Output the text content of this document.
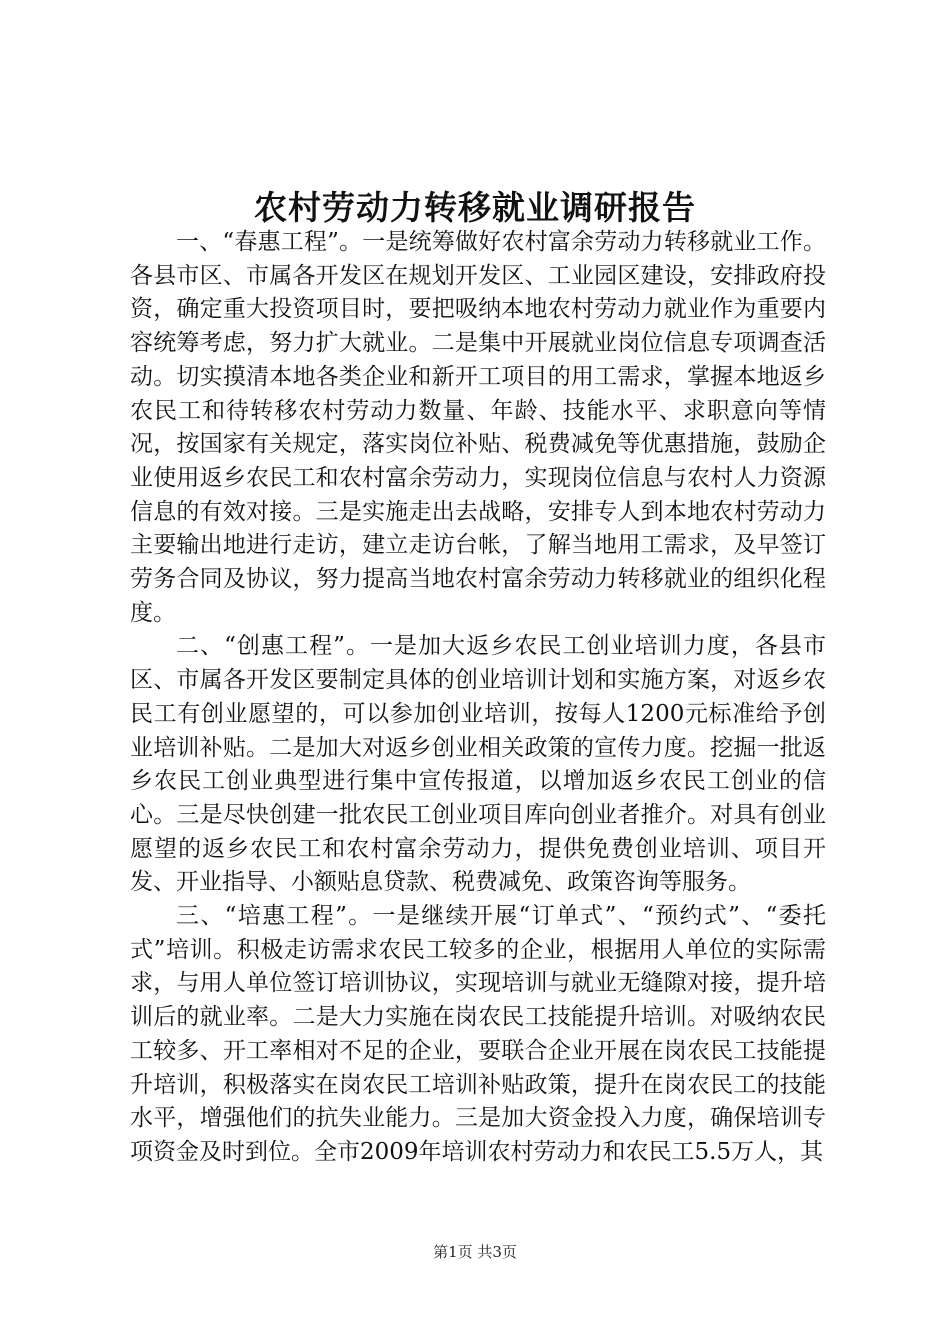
农村劳动力转移就业调研报告

一、“春惠工程”。一是统筹做好农村富余劳动力转移就业工作。各县市区、市属各开发区在规划开发区、工业园区建设，安排政府投资，确定重大投资项目时，要把吸纳本地农村劳动力就业作为重要内容统筹考虑，努力扩大就业。二是集中开展就业岗位信息专项调查活动。切实摸清本地各类企业和新开工项目的用工需求，掌握本地返乡农民工和待转移农村劳动力数量、年龄、技能水平、求职意向等情况，按国家有关规定，落实岗位补贴、税费减免等优惠措施，鼓励企业使用返乡农民工和农村富余劳动力，实现岗位信息与农村人力资源信息的有效对接。三是实施走出去战略，安排专人到本地农村劳动力主要输出地进行走访，建立走访台帐，了解当地用工需求，及早签订劳务合同及协议，努力提高当地农村富余劳动力转移就业的组织化程度。

二、“创惠工程”。一是加大返乡农民工创业培训力度，各县市区、市属各开发区要制定具体的创业培训计划和实施方案，对返乡农民工有创业愿望的，可以参加创业培训，按每人1200元标准给予创业培训补贴。二是加大对返乡创业相关政策的宣传力度。挖掘一批返乡农民工创业典型进行集中宣传报道，以增加返乡农民工创业的信心。三是尽快创建一批农民工创业项目库向创业者推介。对具有创业愿望的返乡农民工和农村富余劳动力，提供免费创业培训、项目开发、开业指导、小额贴息贷款、税费减免、政策咨询等服务。

三、“培惠工程”。一是继续开展“订单式”、“预约式”、“委托式”培训。积极走访需求农民工较多的企业，根据用人单位的实际需求，与用人单位签订培训协议，实现培训与就业无缝隙对接，提升培训后的就业率。二是大力实施在岗农民工技能提升培训。对吸纳农民工较多、开工率相对不足的企业，要联合企业开展在岗农民工技能提升培训，积极落实在岗农民工培训补贴政策，提升在岗农民工的技能水平，增强他们的抗失业能力。三是加大资金投入力度，确保培训专项资金及时到位。全市2009年培训农村劳动力和农民工5.5万人，其

第1页 共3页
